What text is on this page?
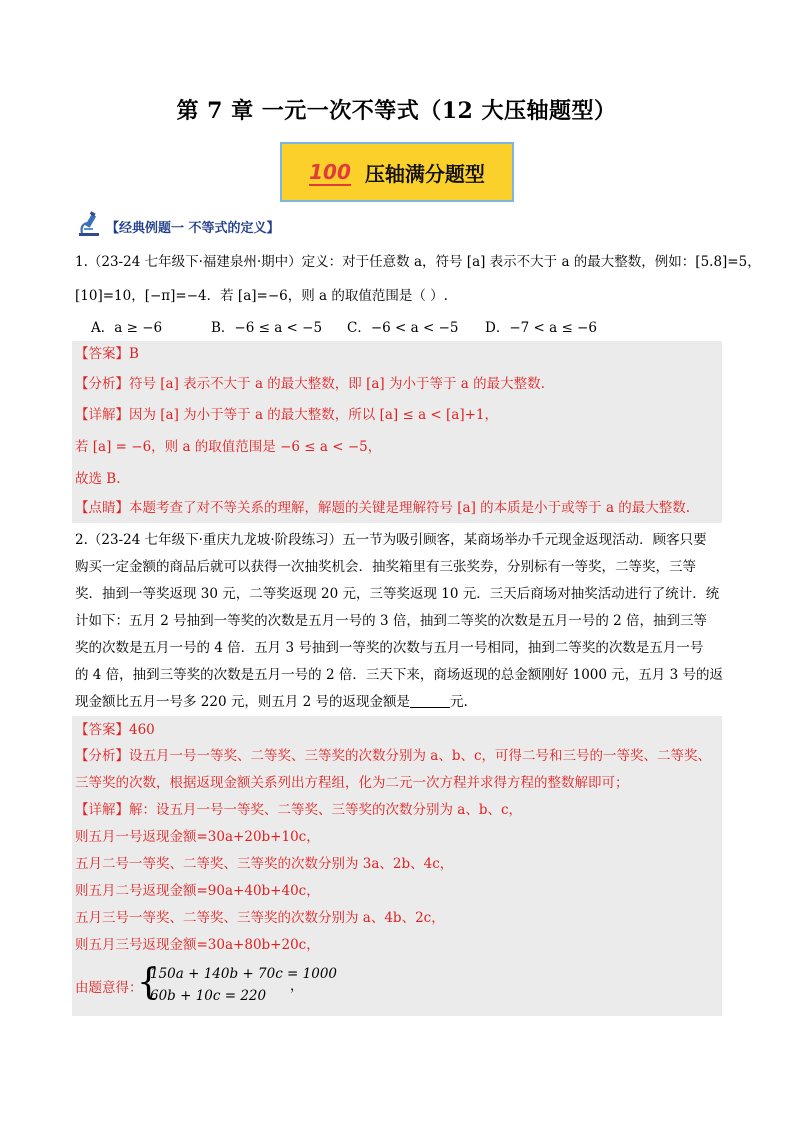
第 7 章 一元一次不等式（12 大压轴题型）
100 压轴满分题型
【经典例题一 不等式的定义】
1.（23-24 七年级下·福建泉州·期中）定义：对于任意数 a，符号 [a] 表示不大于 a 的最大整数，例如：[5.8]=5，
[10]=10，[−π]=−4．若 [a]=−6，则 a 的取值范围是（ ）.
A．a ≥ −6	B．−6 ≤ a < −5	C．−6 < a < −5	D．−7 < a ≤ −6
【答案】B
【分析】符号 [a] 表示不大于 a 的最大整数，即 [a] 为小于等于 a 的最大整数.
【详解】因为 [a] 为小于等于 a 的最大整数，所以 [a] ≤ a < [a]+1，
若 [a] = −6，则 a 的取值范围是 −6 ≤ a < −5，
故选 B.
【点睛】本题考查了对不等关系的理解，解题的关键是理解符号 [a] 的本质是小于或等于 a 的最大整数.
2.（23-24 七年级下·重庆九龙坡·阶段练习）五一节为吸引顾客，某商场举办千元现金返现活动．顾客只要
购买一定金额的商品后就可以获得一次抽奖机会．抽奖箱里有三张奖券，分别标有一等奖，二等奖，三等
奖．抽到一等奖返现 30 元，二等奖返现 20 元，三等奖返现 10 元．三天后商场对抽奖活动进行了统计．统
计如下：五月 2 号抽到一等奖的次数是五月一号的 3 倍，抽到二等奖的次数是五月一号的 2 倍，抽到三等
奖的次数是五月一号的 4 倍．五月 3 号抽到一等奖的次数与五月一号相同，抽到二等奖的次数是五月一号
的 4 倍，抽到三等奖的次数是五月一号的 2 倍．三天下来，商场返现的总金额刚好 1000 元，五月 3 号的返
现金额比五月一号多 220 元，则五月 2 号的返现金额是	元.
【答案】460
【分析】设五月一号一等奖、二等奖、三等奖的次数分别为 a、b、c，可得二号和三号的一等奖、二等奖、
三等奖的次数，根据返现金额关系列出方程组，化为二元一次方程并求得方程的整数解即可；
【详解】解：设五月一号一等奖、二等奖、三等奖的次数分别为 a、b、c，
则五月一号返现金额=30a+20b+10c，
五月二号一等奖、二等奖、三等奖的次数分别为 3a、2b、4c，
则五月二号返现金额=90a+40b+40c，
五月三号一等奖、二等奖、三等奖的次数分别为 a、4b、2c，
则五月三号返现金额=30a+80b+20c，
由题意得：
{
150a + 140b + 70c = 1000
60b + 10c = 220
，
